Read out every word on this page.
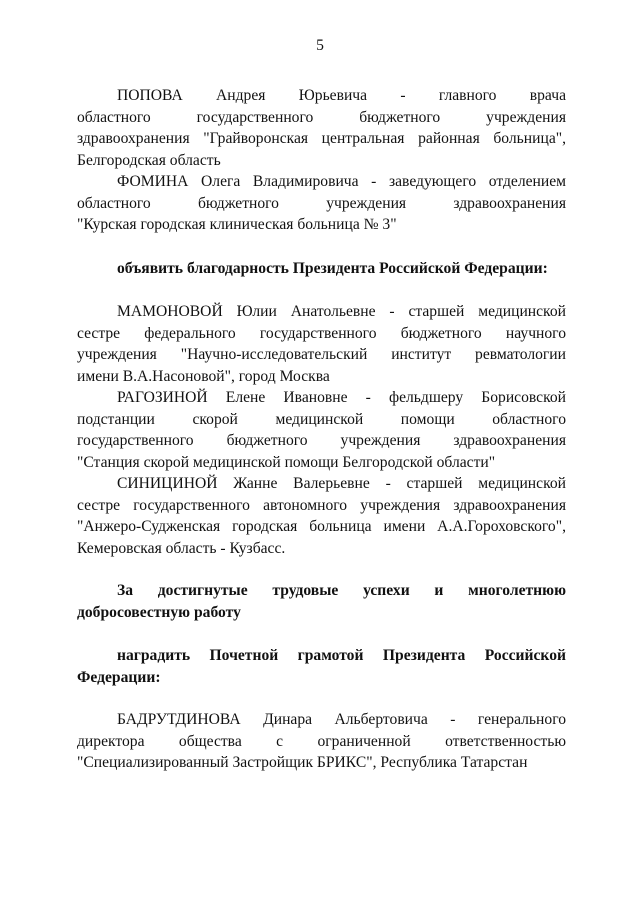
5
ПОПОВА Андрея Юрьевича - главного врача
областного государственного бюджетного учреждения
здравоохранения "Грайворонская центральная районная больница",
Белгородская область
ФОМИНА Олега Владимировича - заведующего отделением
областного бюджетного учреждения здравоохранения
"Курская городская клиническая больница № 3"
объявить благодарность Президента Российской Федерации:
МАМОНОВОЙ Юлии Анатольевне - старшей медицинской
сестре федерального государственного бюджетного научного
учреждения "Научно-исследовательский институт ревматологии
имени В.А.Насоновой", город Москва
РАГОЗИНОЙ Елене Ивановне - фельдшеру Борисовской
подстанции скорой медицинской помощи областного
государственного бюджетного учреждения здравоохранения
"Станция скорой медицинской помощи Белгородской области"
СИНИЦИНОЙ Жанне Валерьевне - старшей медицинской
сестре государственного автономного учреждения здравоохранения
"Анжеро-Судженская городская больница имени А.А.Гороховского",
Кемеровская область - Кузбасс.
За достигнутые трудовые успехи и многолетнюю
добросовестную работу
наградить Почетной грамотой Президента Российской
Федерации:
БАДРУТДИНОВА Динара Альбертовича - генерального
директора общества с ограниченной ответственностью
"Специализированный Застройщик БРИКС", Республика Татарстан
